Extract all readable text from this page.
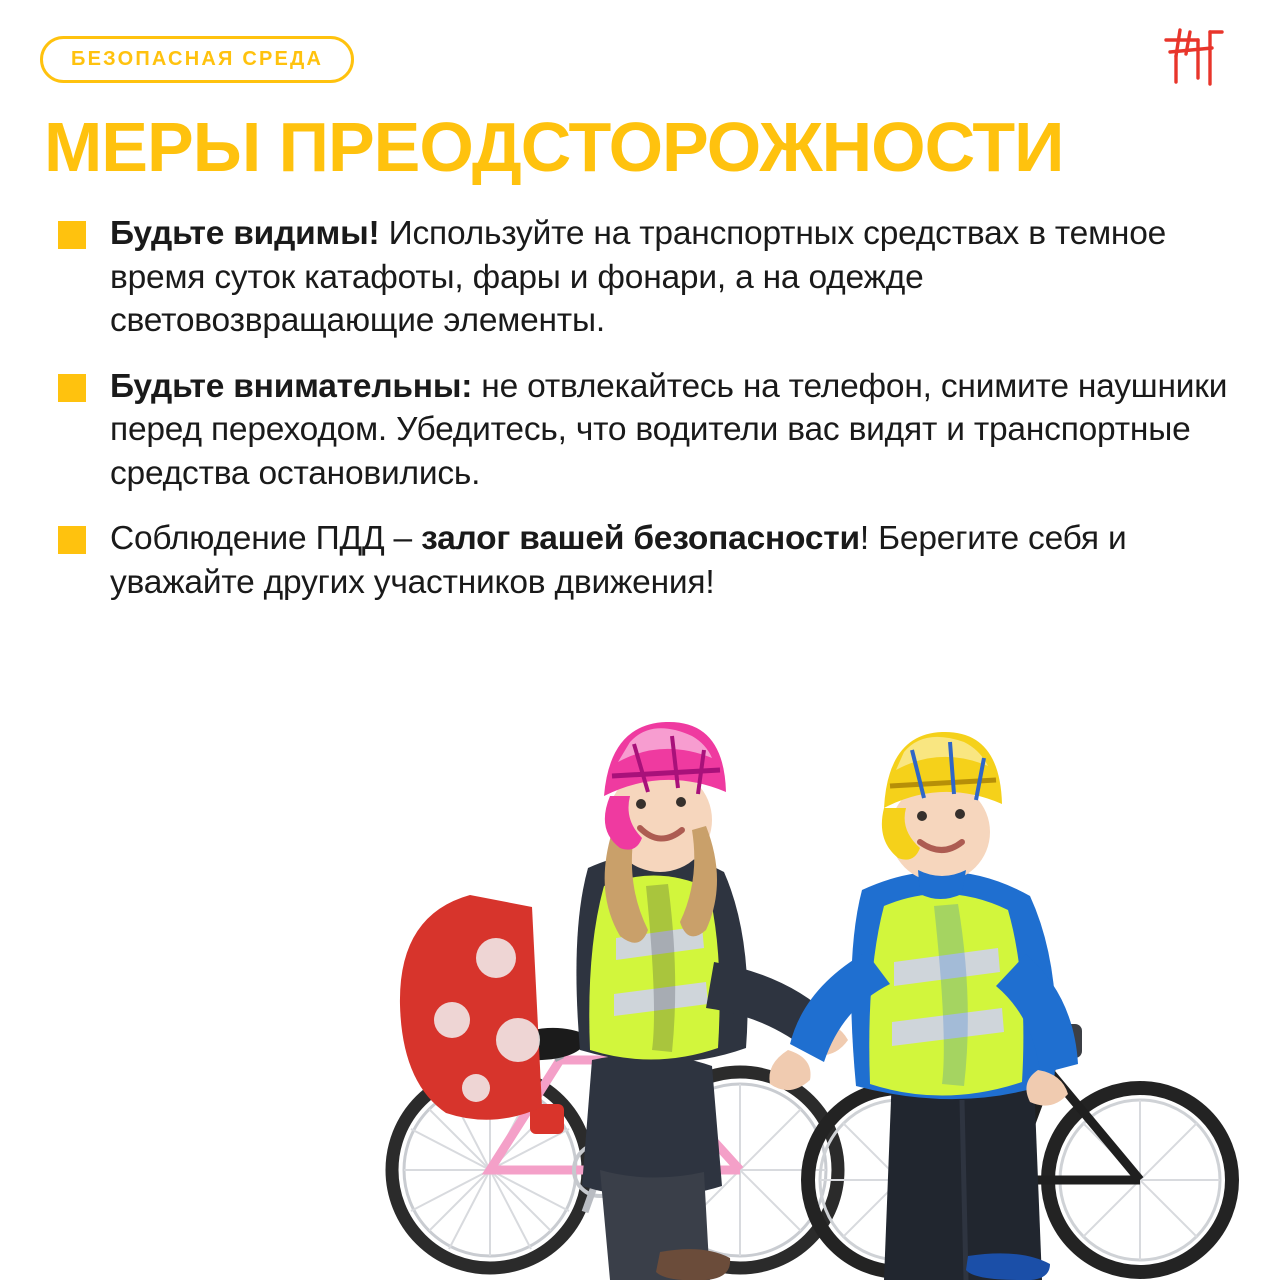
БЕЗОПАСНАЯ СРЕДА
МЕРЫ ПРЕОДСТОРОЖНОСТИ
Будьте видимы! Используйте на транспортных средствах в темное время суток катафоты, фары и фонари, а на одежде световозвращающие элементы.
Будьте внимательны: не отвлекайтесь на телефон, снимите наушники перед переходом. Убедитесь, что водители вас видят и транспортные средства остановились.
Соблюдение ПДД – залог вашей безопасности! Берегите себя и уважайте других участников движения!
